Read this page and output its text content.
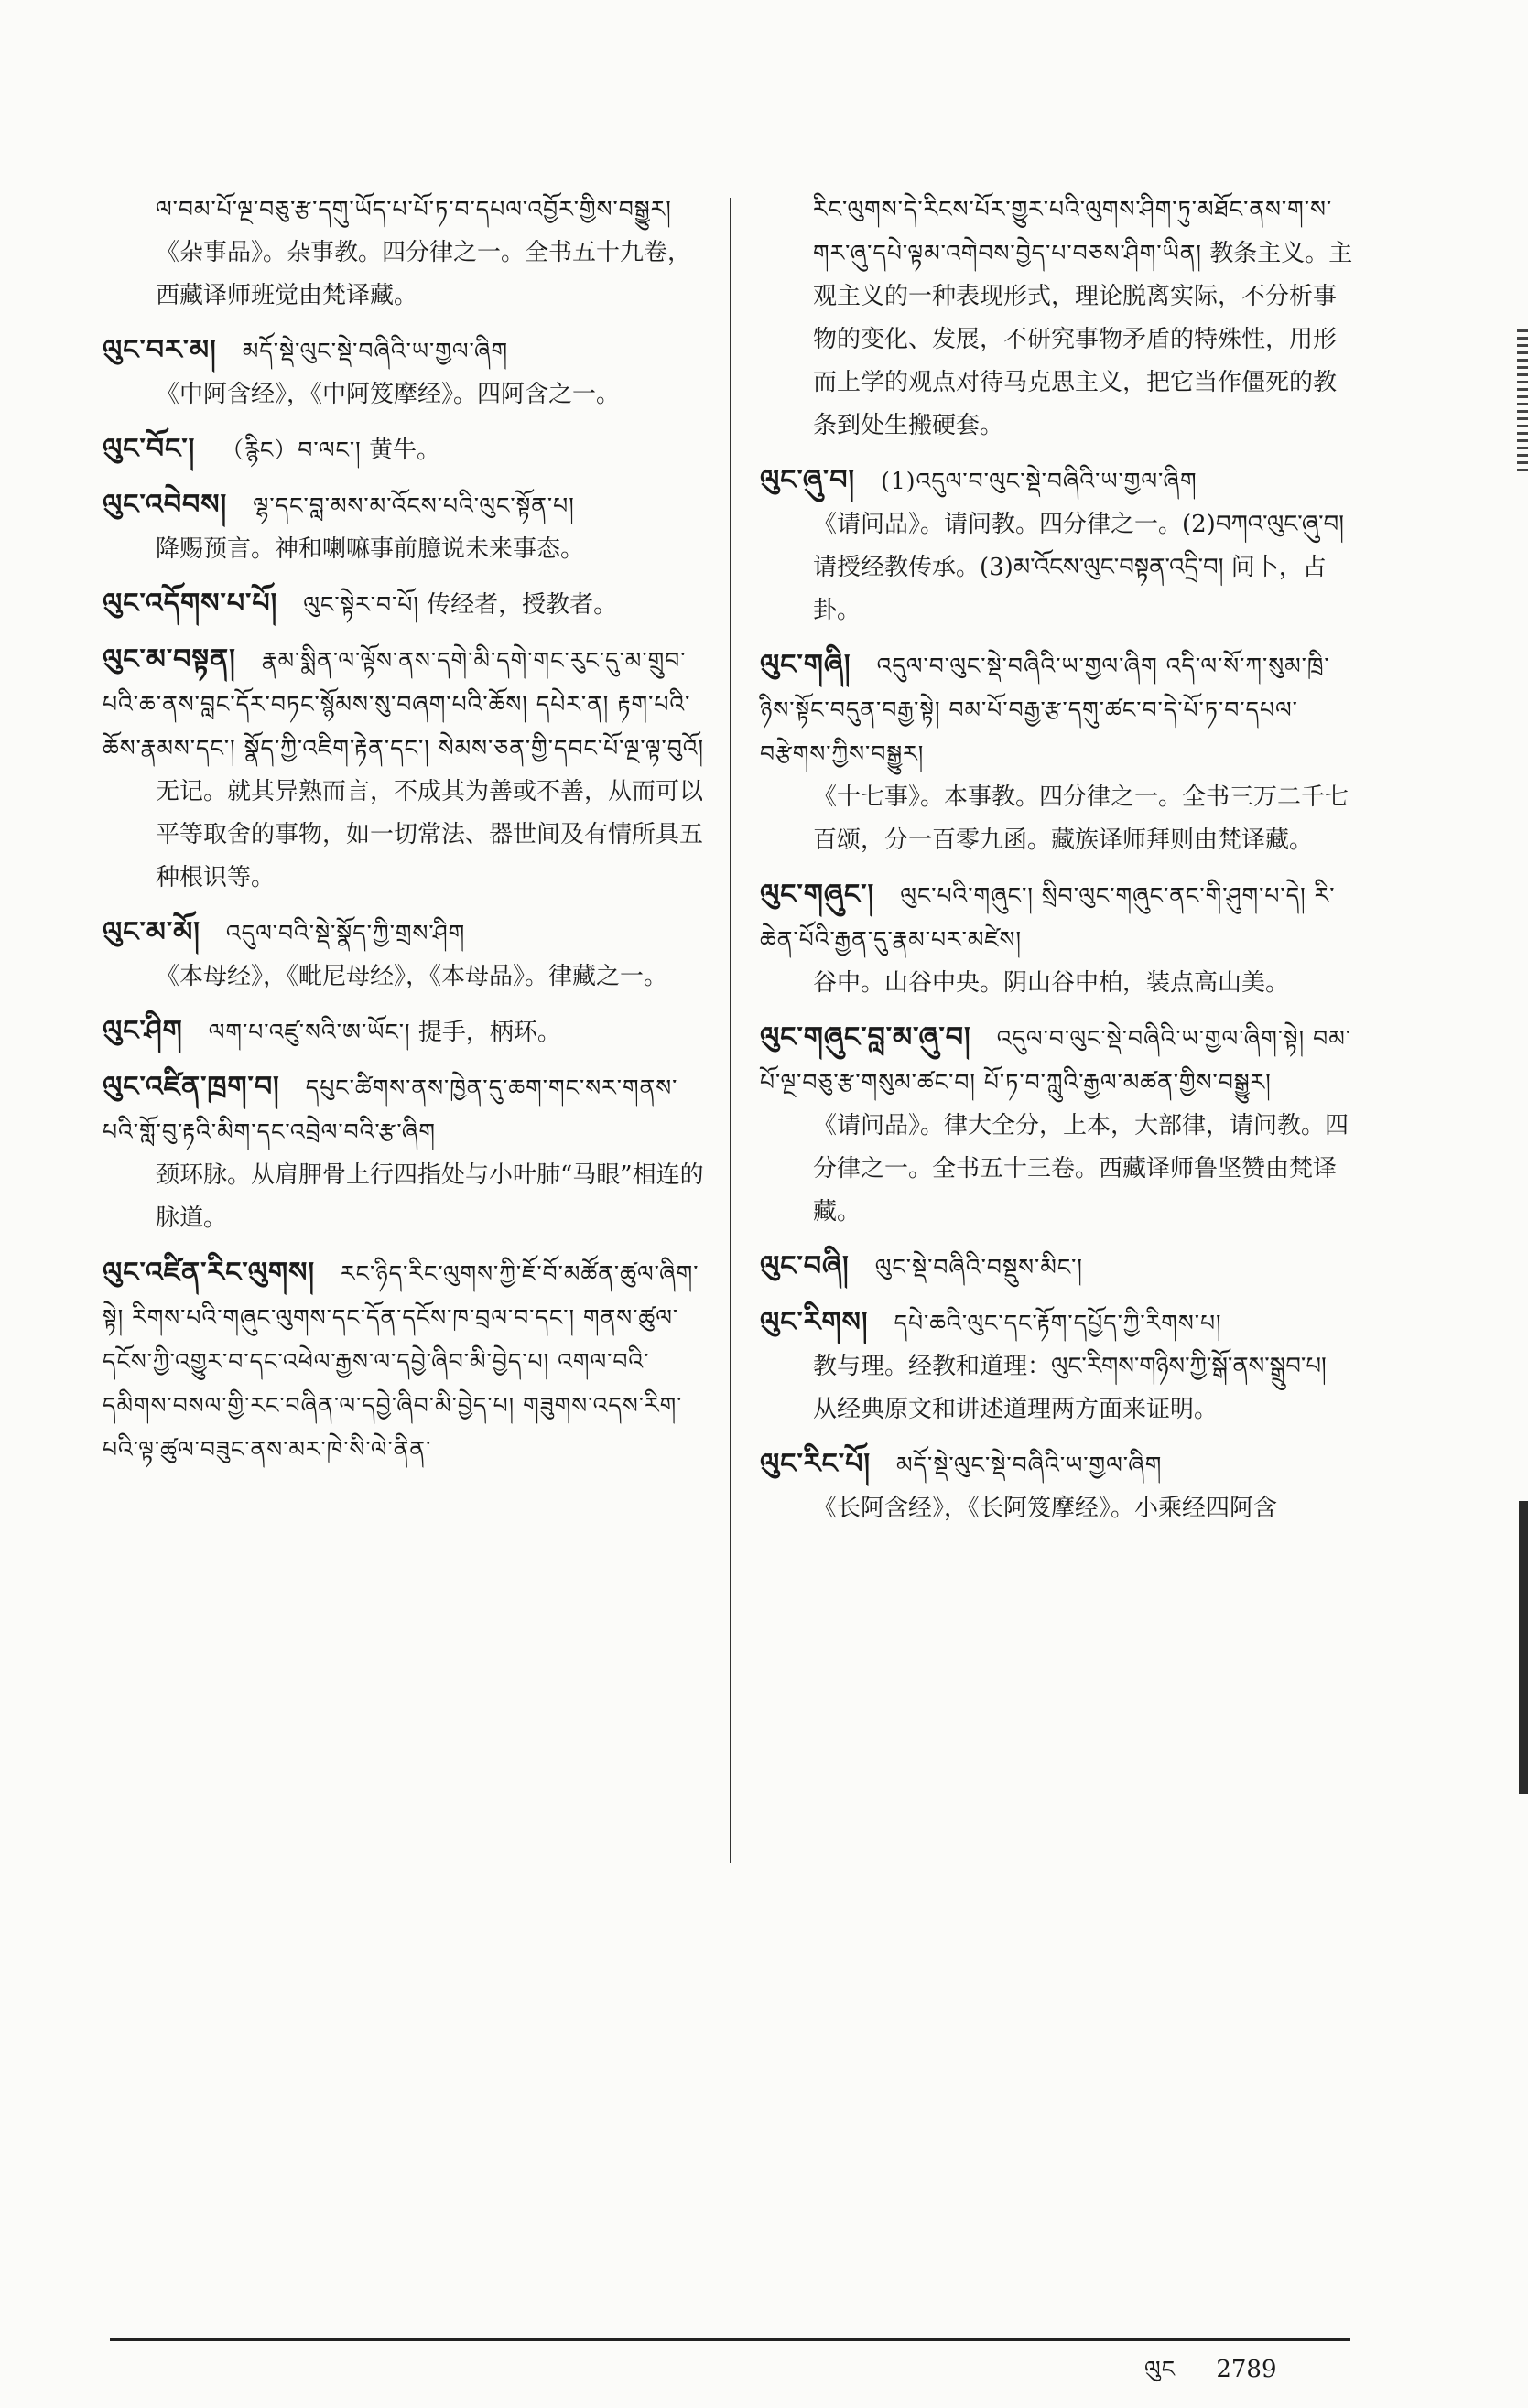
ལ་བམ་པོ་ལྔ་བཅུ་རྩ་དགུ་ཡོད་པ་པོ་ཏ་བ་དཔལ་འབྱོར་གྱིས་བསྒྱུར། 《杂事品》。杂事教。四分律之一。全书五十九卷，西藏译师班觉由梵译藏。
ལུང་བར་མ། མདོ་སྡེ་ལུང་སྡེ་བཞིའི་ཡ་གྱལ་ཞིག
《中阿含经》，《中阿笈摩经》。四阿含之一。
ལུང་བོང་། （རྙིང）བ་ལང་། 黄牛。
ལུང་འབེབས། ལྷ་དང་བླ་མས་མ་འོངས་པའི་ལུང་སྟོན་པ།
降赐预言。神和喇嘛事前臆说未来事态。
ལུང་འདོགས་པ་པོ། ལུང་སྟེར་བ་པོ། 传经者，授教者。
ལུང་མ་བསྟན། རྣམ་སྨིན་ལ་ལྟོས་ནས་དགེ་མི་དགེ་གང་རུང་དུ་མ་གྲུབ་པའི་ཆ་ནས་བླང་དོར་བཏང་སྙོམས་སུ་བཞག་པའི་ཆོས། དཔེར་ན། རྟག་པའི་ཆོས་རྣམས་དང་། སྣོད་ཀྱི་འཇིག་རྟེན་དང་། སེམས་ཅན་གྱི་དབང་པོ་ལྔ་ལྟ་བུའོ།
无记。就其异熟而言，不成其为善或不善，从而可以平等取舍的事物，如一切常法、器世间及有情所具五种根识等。
ལུང་མ་མོ། འདུལ་བའི་སྡེ་སྣོད་ཀྱི་གྲས་ཤིག
《本母经》，《毗尼母经》，《本母品》。律藏之一。
ལུང་ཤིག ལག་པ་འཛུ་སའི་ཨ་ཡོང་། 提手，柄环。
ལུང་འཛིན་ཁྲག་བ། དཔུང་ཚིགས་ནས་ཁྱེན་དུ་ཆག་གང་སར་གནས་པའི་གློ་བུ་རྟའི་མིག་དང་འབྲེལ་བའི་རྩ་ཞིག
颈环脉。从肩胛骨上行四指处与小叶肺“马眼”相连的脉道。
ལུང་འཛིན་རིང་ལུགས། རང་ཉིད་རིང་ལུགས་ཀྱི་ཇོ་བོ་མཚོན་ཚུལ་ཞིག་སྟེ། རིགས་པའི་གཞུང་ལུགས་དང་དོན་དངོས་ཁ་བྲལ་བ་དང་། གནས་ཚུལ་དངོས་ཀྱི་འགྱུར་བ་དང་འཕེལ་རྒྱས་ལ་དབྱེ་ཞིབ་མི་བྱེད་པ། འགལ་བའི་དམིགས་བསལ་གྱི་རང་བཞིན་ལ་དབྱེ་ཞིབ་མི་བྱེད་པ། གཟུགས་འདས་རིག་པའི་ལྟ་ཚུལ་བཟུང་ནས་མར་ཁེ་སི་ལེ་ནིན་
རིང་ལུགས་དེ་རིངས་པོར་གྱུར་པའི་ལུགས་ཤིག་ཏུ་མཐོང་ནས་ག་ས་གར་ཞུ་དཔེ་ལྟམ་འགེབས་བྱེད་པ་བཅས་ཤིག་ཡིན། 教条主义。主观主义的一种表现形式，理论脱离实际，不分析事物的变化、发展，不研究事物矛盾的特殊性，用形而上学的观点对待马克思主义，把它当作僵死的教条到处生搬硬套。
ལུང་ཞུ་བ། (1)འདུལ་བ་ལུང་སྡེ་བཞིའི་ཡ་གྱལ་ཞིག
《请问品》。请问教。四分律之一。(2)བཀའ་ལུང་ཞུ་བ། 请授经教传承。(3)མ་འོངས་ལུང་བསྟན་འདྲི་བ། 问卜，占卦。
ལུང་གཞི། འདུལ་བ་ལུང་སྡེ་བཞིའི་ཡ་གྱལ་ཞིག འདི་ལ་སོ་ཀ་སུམ་ཁྲི་ཉིས་སྟོང་བདུན་བརྒྱ་སྟེ། བམ་པོ་བརྒྱ་རྩ་དགུ་ཚང་བ་དེ་པོ་ཏ་བ་དཔལ་བརྩེགས་ཀྱིས་བསྒྱུར།
《十七事》。本事教。四分律之一。全书三万二千七百颂，分一百零九函。藏族译师拜则由梵译藏。
ལུང་གཞུང་། ལུང་པའི་གཞུང་། སྲིབ་ལུང་གཞུང་ནང་གི་ཤུག་པ་དེ། རི་ཆེན་པོའི་རྒྱན་དུ་རྣམ་པར་མཛེས།
谷中。山谷中央。阴山谷中柏，装点高山美。
ལུང་གཞུང་བླ་མ་ཞུ་བ། འདུལ་བ་ལུང་སྡེ་བཞིའི་ཡ་གྱལ་ཞིག་སྟེ། བམ་པོ་ལྔ་བཅུ་རྩ་གསུམ་ཚང་བ། པོ་ཏ་བ་ཀླུའི་རྒྱལ་མཚན་གྱིས་བསྒྱུར།
《请问品》。律大全分，上本，大部律，请问教。四分律之一。全书五十三卷。西藏译师鲁坚赞由梵译藏。
ལུང་བཞི། ལུང་སྡེ་བཞིའི་བསྡུས་མིང་།
ལུང་རིགས། དཔེ་ཆའི་ལུང་དང་རྟོག་དཔྱོད་ཀྱི་རིགས་པ།
教与理。经教和道理：ལུང་རིགས་གཉིས་ཀྱི་སྒོ་ནས་སྒྲུབ་པ། 从经典原文和讲述道理两方面来证明。
ལུང་རིང་པོ། མདོ་སྡེ་ལུང་སྡེ་བཞིའི་ཡ་གྱལ་ཞིག
《长阿含经》，《长阿笈摩经》。小乘经四阿含
ལུང 2789
